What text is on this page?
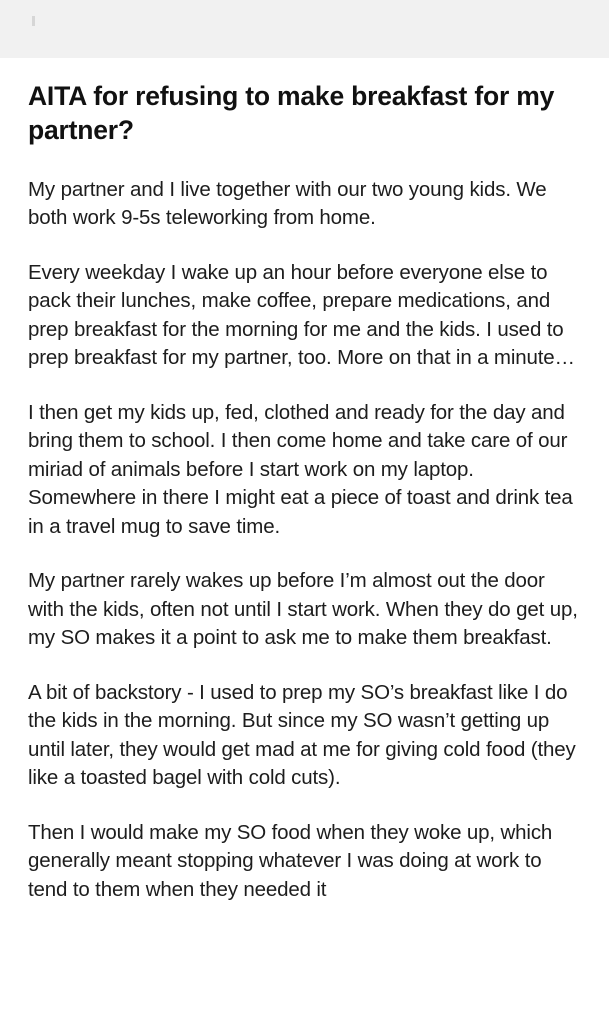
AITA for refusing to make breakfast for my partner?

My partner and I live together with our two young kids. We both work 9-5s teleworking from home.

Every weekday I wake up an hour before everyone else to pack their lunches, make coffee, prepare medications, and prep breakfast for the morning for me and the kids. I used to prep breakfast for my partner, too. More on that in a minute…

I then get my kids up, fed, clothed and ready for the day and bring them to school. I then come home and take care of our miriad of animals before I start work on my laptop. Somewhere in there I might eat a piece of toast and drink tea in a travel mug to save time.

My partner rarely wakes up before I’m almost out the door with the kids, often not until I start work. When they do get up, my SO makes it a point to ask me to make them breakfast.

A bit of backstory - I used to prep my SO’s breakfast like I do the kids in the morning. But since my SO wasn’t getting up until later, they would get mad at me for giving cold food (they like a toasted bagel with cold cuts).

Then I would make my SO food when they woke up, which generally meant stopping whatever I was doing at work to tend to them when they needed it
